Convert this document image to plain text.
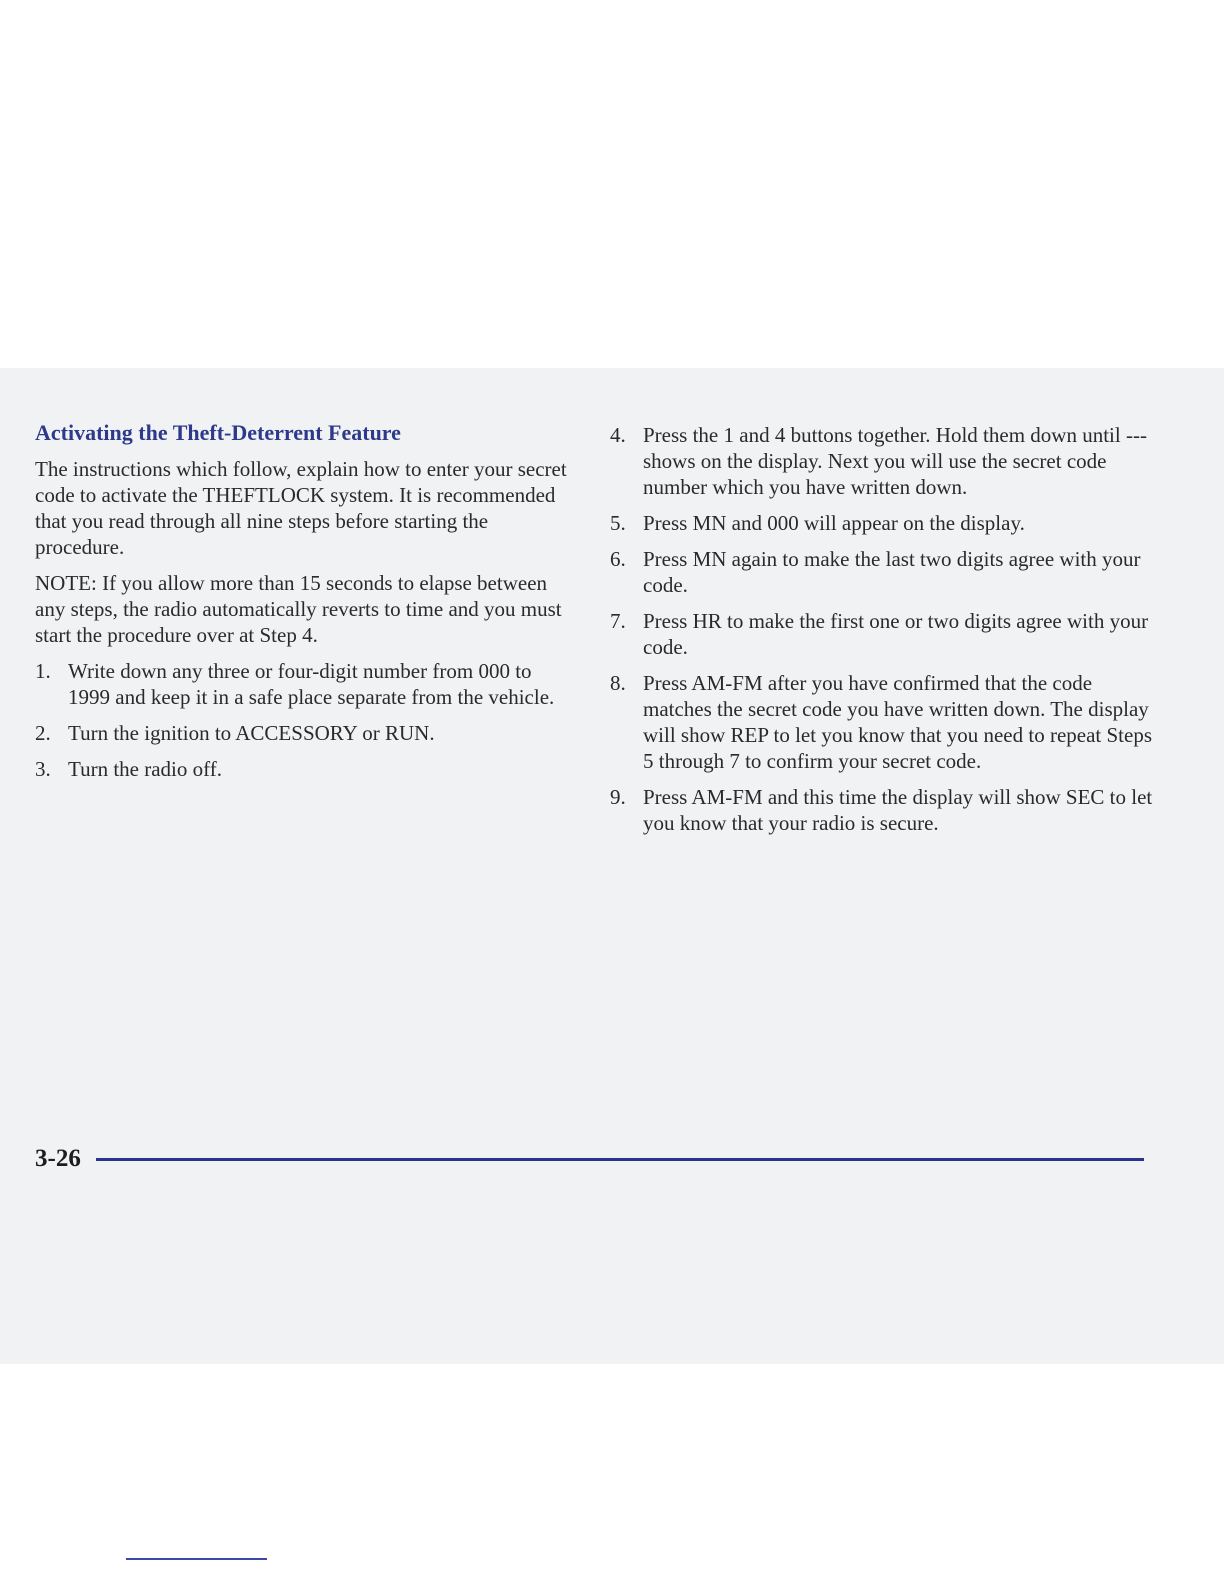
Activating the Theft-Deterrent Feature

The instructions which follow, explain how to enter your secret code to activate the THEFTLOCK system. It is recommended that you read through all nine steps before starting the procedure.

NOTE: If you allow more than 15 seconds to elapse between any steps, the radio automatically reverts to time and you must start the procedure over at Step 4.

1. Write down any three or four-digit number from 000 to 1999 and keep it in a safe place separate from the vehicle.
2. Turn the ignition to ACCESSORY or RUN.
3. Turn the radio off.
4. Press the 1 and 4 buttons together. Hold them down until --- shows on the display. Next you will use the secret code number which you have written down.
5. Press MN and 000 will appear on the display.
6. Press MN again to make the last two digits agree with your code.
7. Press HR to make the first one or two digits agree with your code.
8. Press AM-FM after you have confirmed that the code matches the secret code you have written down. The display will show REP to let you know that you need to repeat Steps 5 through 7 to confirm your secret code.
9. Press AM-FM and this time the display will show SEC to let you know that your radio is secure.
3-26
